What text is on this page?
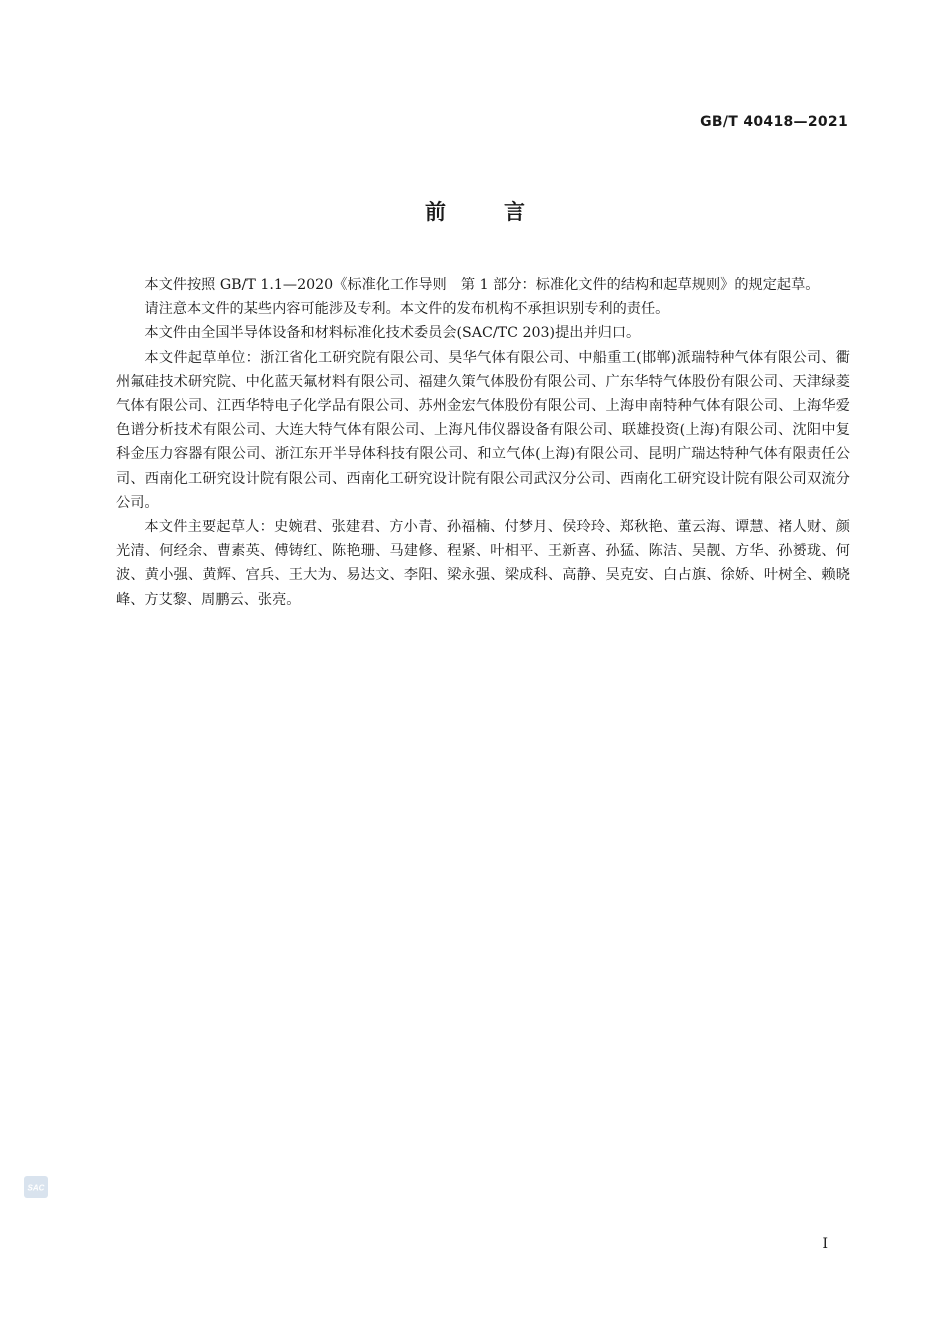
GB/T 40418—2021
前言

本文件按照 GB/T 1.1—2020《标准化工作导则　第 1 部分：标准化文件的结构和起草规则》的规定起草。

请注意本文件的某些内容可能涉及专利。本文件的发布机构不承担识别专利的责任。

本文件由全国半导体设备和材料标准化技术委员会(SAC/TC 203)提出并归口。

本文件起草单位：浙江省化工研究院有限公司、昊华气体有限公司、中船重工(邯郸)派瑞特种气体有限公司、衢州氟硅技术研究院、中化蓝天氟材料有限公司、福建久策气体股份有限公司、广东华特气体股份有限公司、天津绿菱气体有限公司、江西华特电子化学品有限公司、苏州金宏气体股份有限公司、上海申南特种气体有限公司、上海华爱色谱分析技术有限公司、大连大特气体有限公司、上海凡伟仪器设备有限公司、联雄投资(上海)有限公司、沈阳中复科金压力容器有限公司、浙江东开半导体科技有限公司、和立气体(上海)有限公司、昆明广瑞达特种气体有限责任公司、西南化工研究设计院有限公司、西南化工研究设计院有限公司武汉分公司、西南化工研究设计院有限公司双流分公司。

本文件主要起草人：史婉君、张建君、方小青、孙福楠、付梦月、侯玲玲、郑秋艳、董云海、谭慧、褚人财、颜光清、何经余、曹素英、傅铸红、陈艳珊、马建修、程紧、叶相平、王新喜、孙猛、陈洁、吴靓、方华、孙赟珑、何波、黄小强、黄辉、宫兵、王大为、易达文、李阳、梁永强、梁成科、高静、吴克安、白占旗、徐娇、叶树全、赖晓峰、方艾黎、周鹏云、张亮。

SAC
I
